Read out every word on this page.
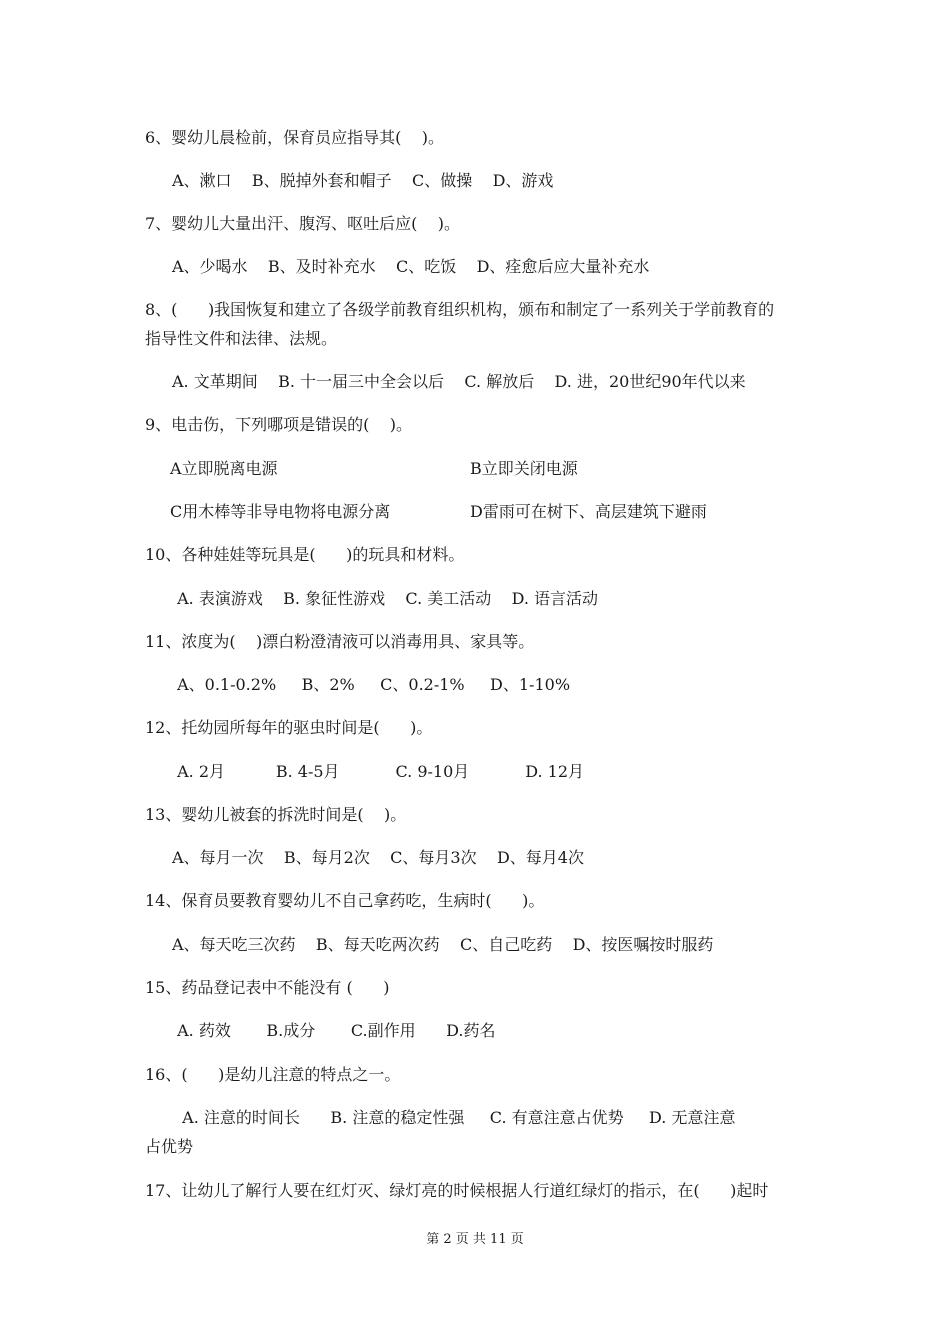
6、婴幼儿晨检前，保育员应指导其(    )。
A、漱口    B、脱掉外套和帽子    C、做操    D、游戏
7、婴幼儿大量出汗、腹泻、呕吐后应(    )。
A、少喝水    B、及时补充水    C、吃饭    D、痊愈后应大量补充水
8、(      )我国恢复和建立了各级学前教育组织机构，颁布和制定了一系列关于学前教育的
指导性文件和法律、法规。
A. 文革期间    B. 十一届三中全会以后    C. 解放后    D. 进，20世纪90年代以来
9、电击伤，下列哪项是错误的(    )。
A立即脱离电源	B立即关闭电源
C用木棒等非导电物将电源分离	D雷雨可在树下、高层建筑下避雨
10、各种娃娃等玩具是(      )的玩具和材料。
A. 表演游戏    B. 象征性游戏    C. 美工活动    D. 语言活动
11、浓度为(    )漂白粉澄清液可以消毒用具、家具等。
A、0.1-0.2%     B、2%     C、0.2-1%     D、1-10%
12、托幼园所每年的驱虫时间是(      )。
A. 2月          B. 4-5月           C. 9-10月           D. 12月
13、婴幼儿被套的拆洗时间是(    )。
A、每月一次    B、每月2次    C、每月3次    D、每月4次
14、保育员要教育婴幼儿不自己拿药吃，生病时(      )。
A、每天吃三次药    B、每天吃两次药    C、自己吃药    D、按医嘱按时服药
15、药品登记表中不能没有 (      )
A. 药效       B.成分       C.副作用      D.药名
16、(      )是幼儿注意的特点之一。
A. 注意的时间长      B. 注意的稳定性强     C. 有意注意占优势     D. 无意注意
占优势
17、让幼儿了解行人要在红灯灭、绿灯亮的时候根据人行道红绿灯的指示，在(      )起时
第 2 页 共 11 页
